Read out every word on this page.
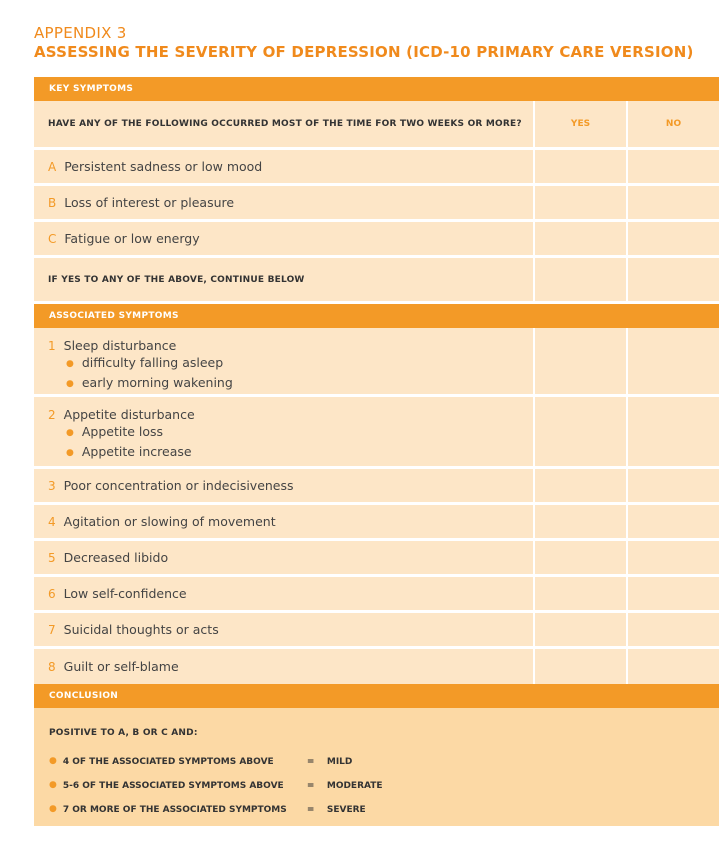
APPENDIX 3
ASSESSING THE SEVERITY OF DEPRESSION (ICD-10 PRIMARY CARE VERSION)
KEY SYMPTOMS
HAVE ANY OF THE FOLLOWING OCCURRED MOST OF THE TIME FOR TWO WEEKS OR MORE?	YES	NO
A Persistent sadness or low mood
B Loss of interest or pleasure
C Fatigue or low energy
IF YES TO ANY OF THE ABOVE, CONTINUE BELOW
ASSOCIATED SYMPTOMS
1 Sleep disturbance
● difficulty falling asleep
● early morning wakening
2 Appetite disturbance
● Appetite loss
● Appetite increase
3 Poor concentration or indecisiveness
4 Agitation or slowing of movement
5 Decreased libido
6 Low self-confidence
7 Suicidal thoughts or acts
8 Guilt or self-blame
CONCLUSION
POSITIVE TO A, B OR C AND:
● 4 OF THE ASSOCIATED SYMPTOMS ABOVE	=	MILD
● 5-6 OF THE ASSOCIATED SYMPTOMS ABOVE	=	MODERATE
● 7 OR MORE OF THE ASSOCIATED SYMPTOMS	=	SEVERE
